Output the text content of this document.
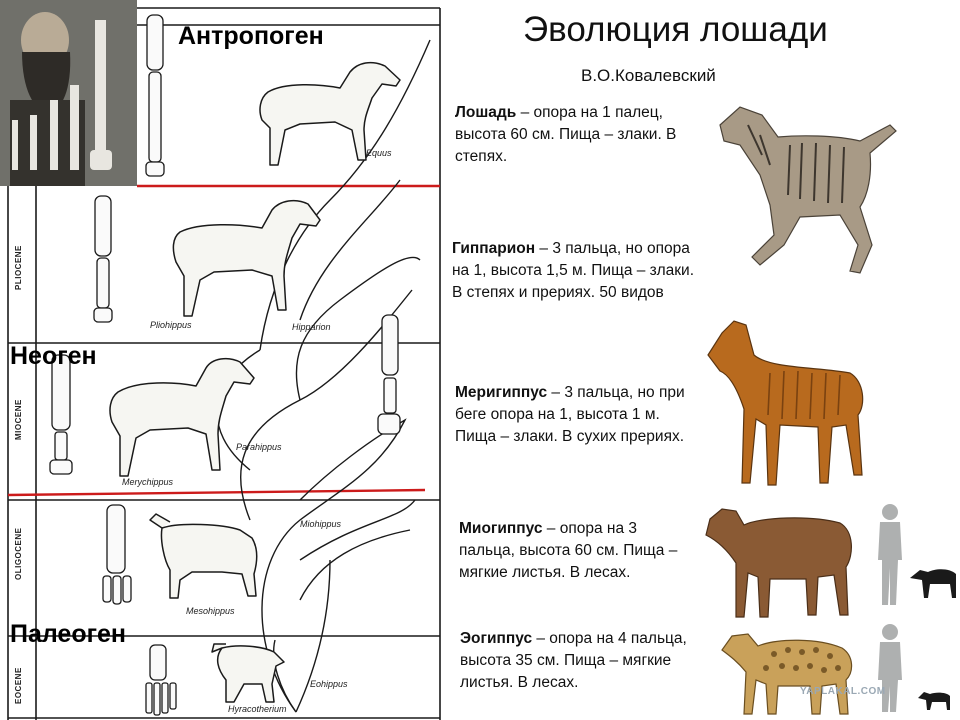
Антропоген
Неоген
Палеоген
PLIOCENE
MIOCENE
OLIGOCENE
EOCENE
Equus
Pliohippus	Hipparion
Parahippus
Merychippus
Miohippus
Mesohippus
Eohippus
Hyracotherium
Эволюция лошади
В.О.Ковалевский
Лошадь – опора на 1 палец, высота 60 см. Пища – злаки. В степях.
Гиппарион – 3 пальца, но опора на 1, высота 1,5 м. Пища – злаки. В степях и прериях. 50 видов
Меригиппус – 3 пальца, но при беге опора на 1, высота 1 м. Пища – злаки. В сухих прериях.
Миогиппус – опора на 3 пальца, высота 60 см. Пища – мягкие листья. В лесах.
Эогиппус – опора на 4 пальца, высота 35 см. Пища – мягкие листья. В лесах.
YAPLAKAL.COM
